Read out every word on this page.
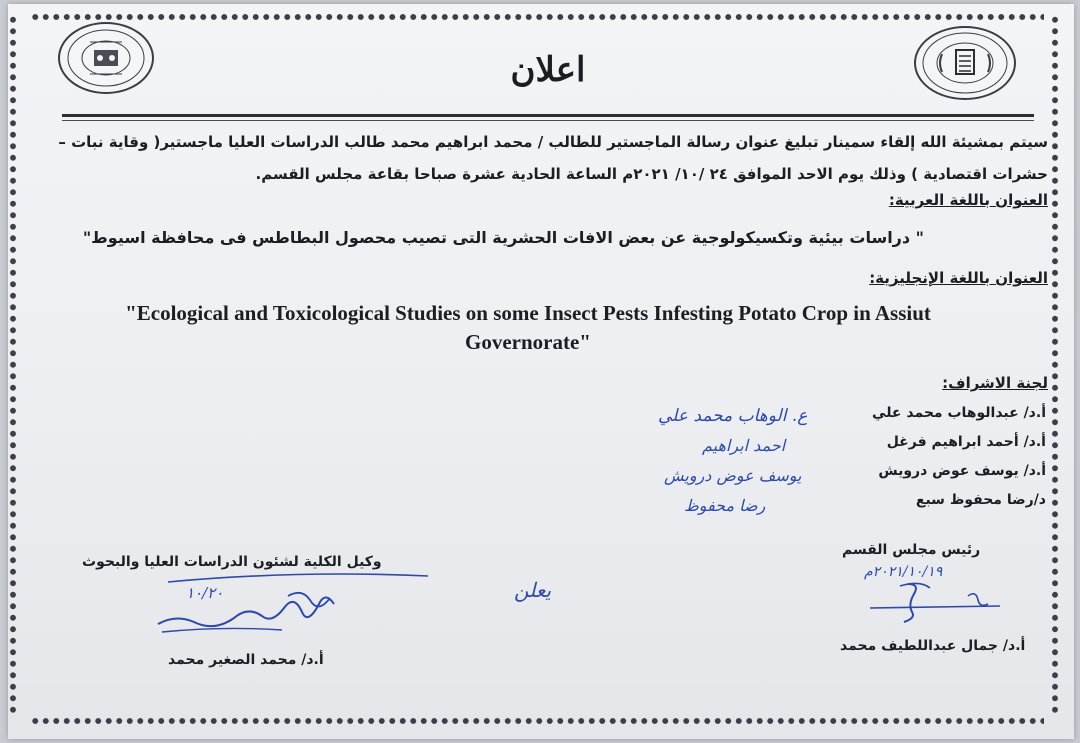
اعلان
سيتم بمشيئة الله إلقاء سمينار تبليغ عنوان رسالة الماجستير للطالب / محمد ابراهيم محمد طالب الدراسات العليا ماجستير( وقاية نبات –
حشرات اقتصادية ) وذلك يوم الاحد الموافق ٢٤ /١٠/ ٢٠٢١م الساعة الحادية عشرة صباحا بقاعة مجلس القسم.
العنوان باللغة العربية:
" دراسات بيئية وتكسيكولوجية عن بعض الافات الحشرية التى تصيب محصول البطاطس فى محافظة اسيوط"
العنوان باللغة الإنجليزية:
"Ecological and Toxicological Studies on some Insect Pests Infesting Potato Crop in Assiut
Governorate"
لجنة الاشراف:
أ.د/ عبدالوهاب محمد علي
أ.د/ أحمد ابراهيم فرغل
أ.د/ يوسف عوض درويش
د/رضا محفوظ سبع
ع. الوهاب محمد علي
احمد ابراهيم
يوسف عوض درويش
رضا محفوظ
وكيل الكلية لشئون الدراسات العليا والبحوث
١٠/٢٠
أ.د/ محمد الصغير محمد
يعلن
رئيس مجلس القسم
٢٠٢١/١٠/١٩م
أ.د/ جمال عبداللطيف محمد
